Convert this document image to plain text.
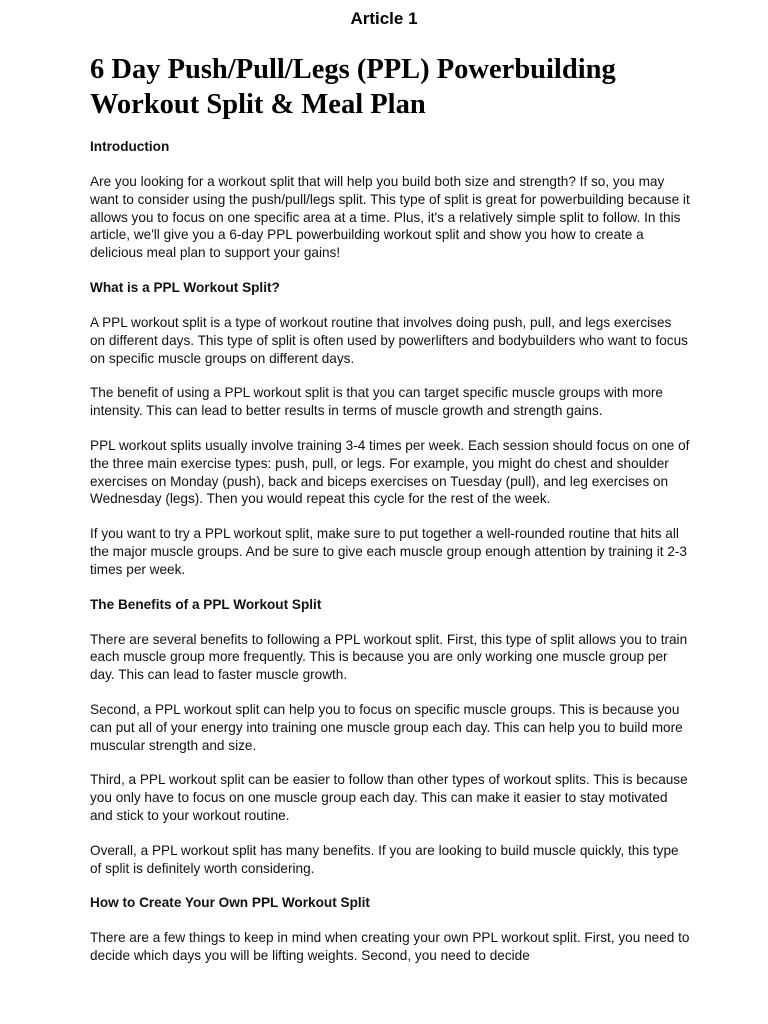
Article 1
6 Day Push/Pull/Legs (PPL) Powerbuilding
Workout Split & Meal Plan
Introduction

Are you looking for a workout split that will help you build both size and strength? If so, you may want to consider using the push/pull/legs split. This type of split is great for powerbuilding because it allows you to focus on one specific area at a time. Plus, it's a relatively simple split to follow. In this article, we'll give you a 6-day PPL powerbuilding workout split and show you how to create a delicious meal plan to support your gains!

What is a PPL Workout Split?

A PPL workout split is a type of workout routine that involves doing push, pull, and legs exercises on different days. This type of split is often used by powerlifters and bodybuilders who want to focus on specific muscle groups on different days.

The benefit of using a PPL workout split is that you can target specific muscle groups with more intensity. This can lead to better results in terms of muscle growth and strength gains.

PPL workout splits usually involve training 3-4 times per week. Each session should focus on one of the three main exercise types: push, pull, or legs. For example, you might do chest and shoulder exercises on Monday (push), back and biceps exercises on Tuesday (pull), and leg exercises on Wednesday (legs). Then you would repeat this cycle for the rest of the week.

If you want to try a PPL workout split, make sure to put together a well-rounded routine that hits all the major muscle groups. And be sure to give each muscle group enough attention by training it 2-3 times per week.

The Benefits of a PPL Workout Split

There are several benefits to following a PPL workout split. First, this type of split allows you to train each muscle group more frequently. This is because you are only working one muscle group per day. This can lead to faster muscle growth.

Second, a PPL workout split can help you to focus on specific muscle groups. This is because you can put all of your energy into training one muscle group each day. This can help you to build more muscular strength and size.

Third, a PPL workout split can be easier to follow than other types of workout splits. This is because you only have to focus on one muscle group each day. This can make it easier to stay motivated and stick to your workout routine.

Overall, a PPL workout split has many benefits. If you are looking to build muscle quickly, this type of split is definitely worth considering.

How to Create Your Own PPL Workout Split

There are a few things to keep in mind when creating your own PPL workout split. First, you need to decide which days you will be lifting weights. Second, you need to decide
